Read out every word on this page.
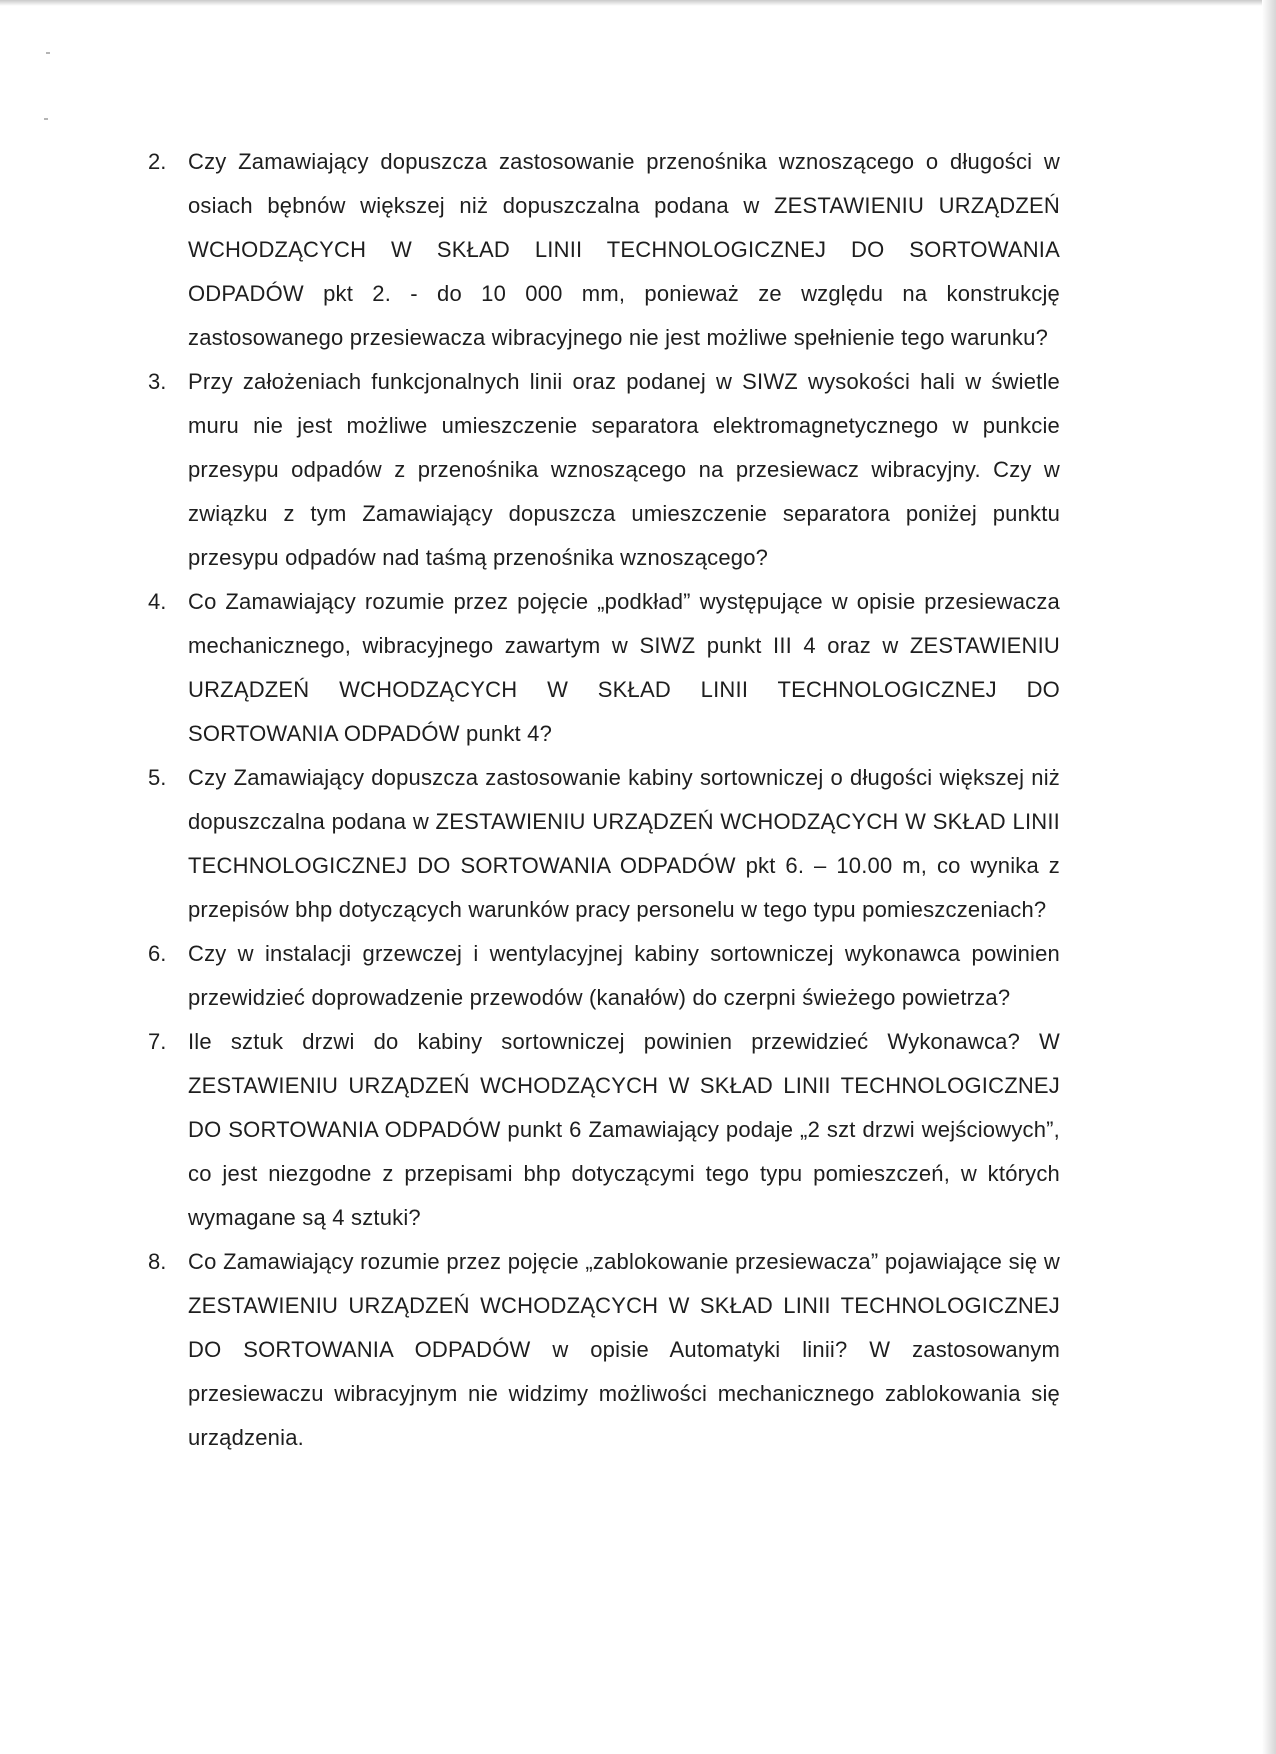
2. Czy Zamawiający dopuszcza zastosowanie przenośnika wznoszącego o długości w osiach bębnów większej niż dopuszczalna podana w ZESTAWIENIU URZĄDZEŃ WCHODZĄCYCH W SKŁAD LINII TECHNOLOGICZNEJ DO SORTOWANIA ODPADÓW pkt 2. - do 10 000 mm, ponieważ ze względu na konstrukcję zastosowanego przesiewacza wibracyjnego nie jest możliwe spełnienie tego warunku?
3. Przy założeniach funkcjonalnych linii oraz podanej w SIWZ wysokości hali w świetle muru nie jest możliwe umieszczenie separatora elektromagnetycznego w punkcie przesypu odpadów z przenośnika wznoszącego na przesiewacz wibracyjny. Czy w związku z tym Zamawiający dopuszcza umieszczenie separatora poniżej punktu przesypu odpadów nad taśmą przenośnika wznoszącego?
4. Co Zamawiający rozumie przez pojęcie „podkład” występujące w opisie przesiewacza mechanicznego, wibracyjnego zawartym w SIWZ punkt III 4 oraz w ZESTAWIENIU URZĄDZEŃ WCHODZĄCYCH W SKŁAD LINII TECHNOLOGICZNEJ DO SORTOWANIA ODPADÓW punkt 4?
5. Czy Zamawiający dopuszcza zastosowanie kabiny sortowniczej o długości większej niż dopuszczalna podana w ZESTAWIENIU URZĄDZEŃ WCHODZĄCYCH W SKŁAD LINII TECHNOLOGICZNEJ DO SORTOWANIA ODPADÓW pkt 6. – 10.00 m, co wynika z przepisów bhp dotyczących warunków pracy personelu w tego typu pomieszczeniach?
6. Czy w instalacji grzewczej i wentylacyjnej kabiny sortowniczej wykonawca powinien przewidzieć doprowadzenie przewodów (kanałów) do czerpni świeżego powietrza?
7. Ile sztuk drzwi do kabiny sortowniczej powinien przewidzieć Wykonawca? W ZESTAWIENIU URZĄDZEŃ WCHODZĄCYCH W SKŁAD LINII TECHNOLOGICZNEJ DO SORTOWANIA ODPADÓW punkt 6 Zamawiający podaje „2 szt drzwi wejściowych”, co jest niezgodne z przepisami bhp dotyczącymi tego typu pomieszczeń, w których wymagane są 4 sztuki?
8. Co Zamawiający rozumie przez pojęcie „zablokowanie przesiewacza” pojawiające się w ZESTAWIENIU URZĄDZEŃ WCHODZĄCYCH W SKŁAD LINII TECHNOLOGICZNEJ DO SORTOWANIA ODPADÓW w opisie Automatyki linii? W zastosowanym przesiewaczu wibracyjnym nie widzimy możliwości mechanicznego zablokowania się urządzenia.
